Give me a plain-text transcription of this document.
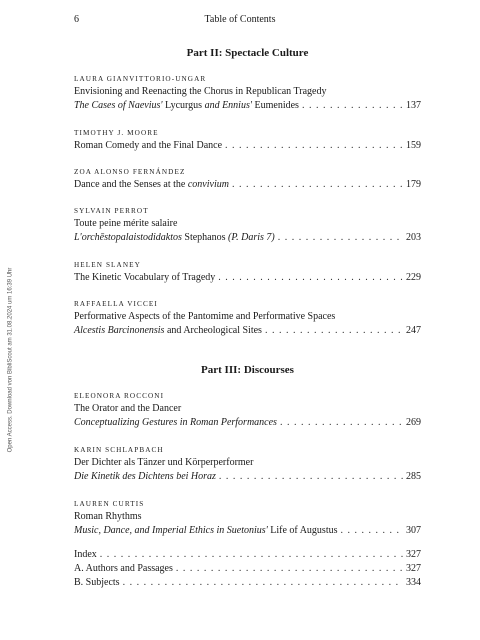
6	Table of Contents
Open Access. Download von BibliScout am 31.08.2024 um 16:39 Uhr
Part II: Spectacle Culture
LAURA GIANVITTORIO-UNGAR
Envisioning and Reenacting the Chorus in Republican Tragedy
The Cases of Naevius' Lycurgus and Ennius' Eumenides . . .	137
TIMOTHY J. MOORE
Roman Comedy and the Final Dance . . .	159
ZOA ALONSO FERNÁNDEZ
Dance and the Senses at the convivium . . .	179
SYLVAIN PERROT
Toute peine mérite salaire
L'orchēstopalaistodidaktos Stephanos (P. Daris 7) . . .	203
HELEN SLANEY
The Kinetic Vocabulary of Tragedy . . .	229
RAFFAELLA VICCEI
Performative Aspects of the Pantomime and Performative Spaces
Alcestis Barcinonensis and Archeological Sites . . .	247
Part III: Discourses
ELEONORA ROCCONI
The Orator and the Dancer
Conceptualizing Gestures in Roman Performances . . .	269
KARIN SCHLAPBACH
Der Dichter als Tänzer und Körperperformer
Die Kinetik des Dichtens bei Horaz . . .	285
LAUREN CURTIS
Roman Rhythms
Music, Dance, and Imperial Ethics in Suetonius' Life of Augustus . . .	307
Index . . .	327
A. Authors and Passages . . .	327
B. Subjects . . .	334
